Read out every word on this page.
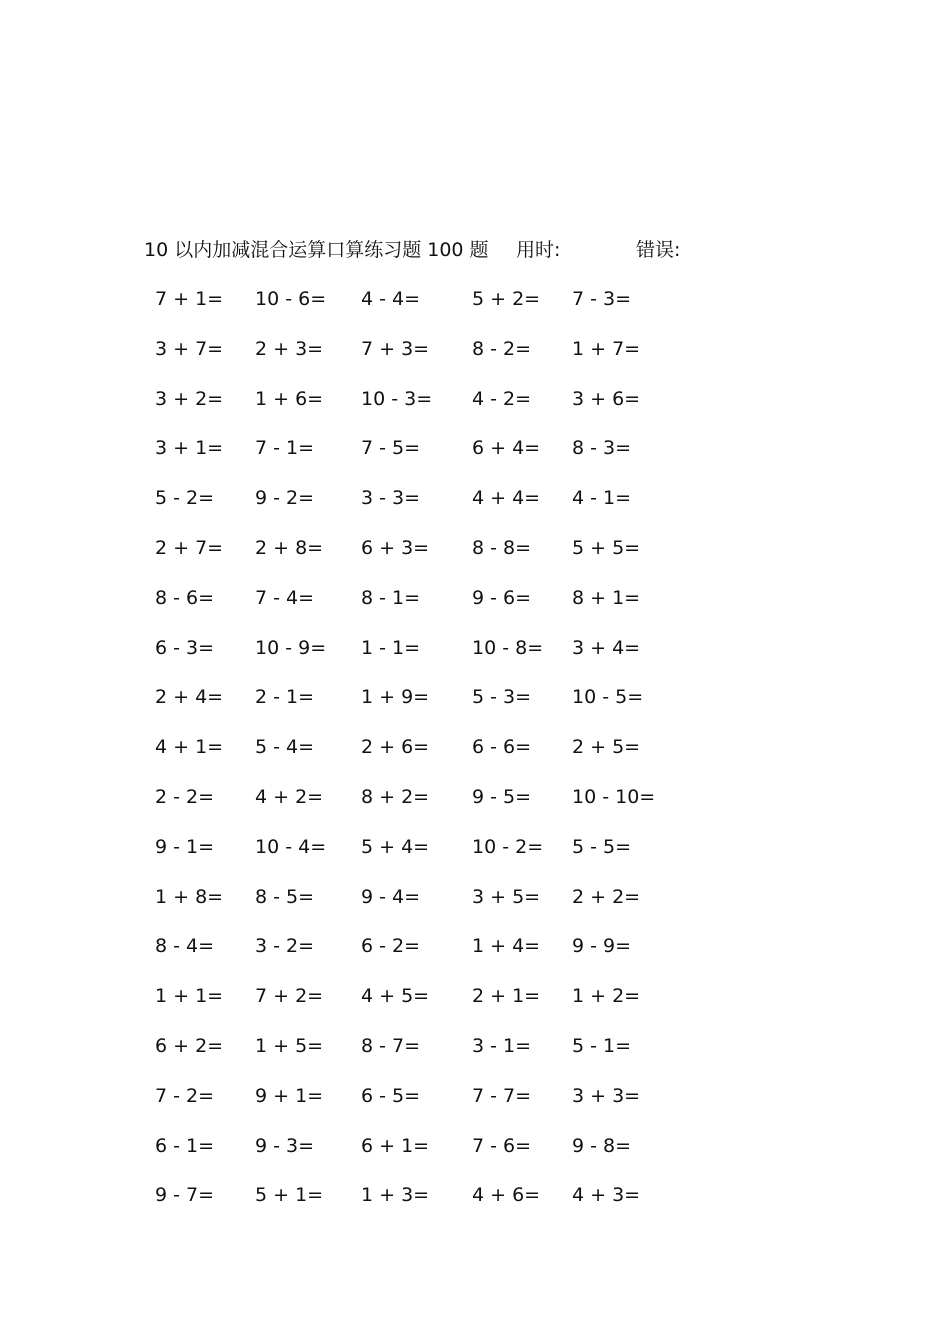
10 以内加减混合运算口算练习题 100 题 用时:	错误:
7 + 1= 10 - 6= 4 - 4=	5 + 2= 7 - 3=
3 + 7= 2 + 3= 7 + 3= 8 - 2= 1 + 7=
3 + 2= 1 + 6= 10 - 3= 4 - 2= 3 + 6=
3 + 1= 7 - 1= 7 - 5=	6 + 4= 8 - 3=
5 - 2= 9 - 2= 3 - 3=	4 + 4= 4 - 1=
2 + 7= 2 + 8= 6 + 3= 8 - 8= 5 + 5=
8 - 6= 7 - 4= 8 - 1=	9 - 6= 8 + 1=
6 - 3= 10 - 9= 1 - 1=	10 - 8= 3 + 4=
2 + 4= 2 - 1= 1 + 9= 5 - 3= 10 - 5=
4 + 1= 5 - 4= 2 + 6= 6 - 6= 2 + 5=
2 - 2= 4 + 2= 8 + 2= 9 - 5= 10 - 10=
9 - 1= 10 - 4= 5 + 4= 10 - 2= 5 - 5=
1 + 8= 8 - 5= 9 - 4=	3 + 5= 2 + 2=
8 - 4= 3 - 2= 6 - 2=	1 + 4= 9 - 9=
1 + 1= 7 + 2= 4 + 5= 2 + 1= 1 + 2=
6 + 2= 1 + 5= 8 - 7=	3 - 1= 5 - 1=
7 - 2= 9 + 1= 6 - 5=	7 - 7= 3 + 3=
6 - 1= 9 - 3= 6 + 1= 7 - 6= 9 - 8=
9 - 7= 5 + 1= 1 + 3= 4 + 6= 4 + 3=
